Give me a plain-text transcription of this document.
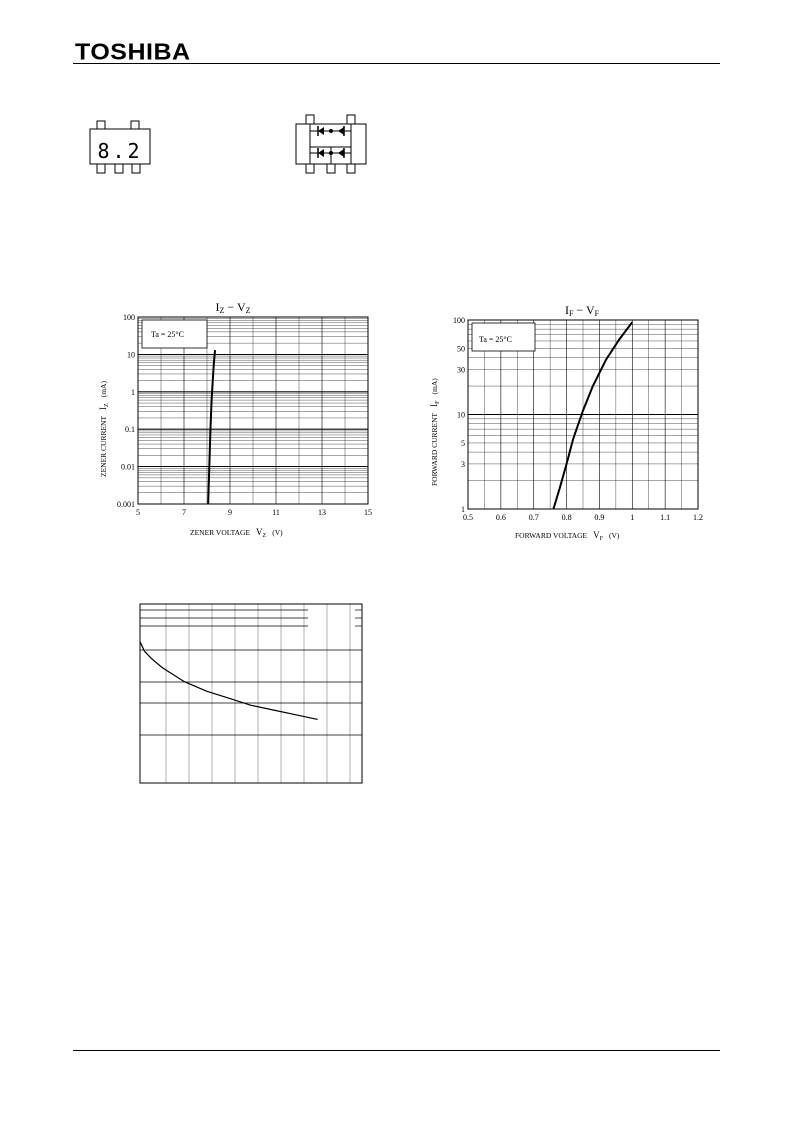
TOSHIBA
8.2
IZ − VZ
Ta = 25°C
100
10
1
0.1
0.01
0.001
5	7	9	11	13	15
ZENER $CURRENTI_Z(mA)$
ZENER VOLTAGE $V_Z$ (V)
IF − VF
Ta = 25°C
100
50
30
10
5
3
1
0.5	0.6	0.7	0.8	0.9	1	1.1	1.2
FORWARD $CURRENTI_F(mA)$
FORWARD VOLTAGE $V_F$ (V)
